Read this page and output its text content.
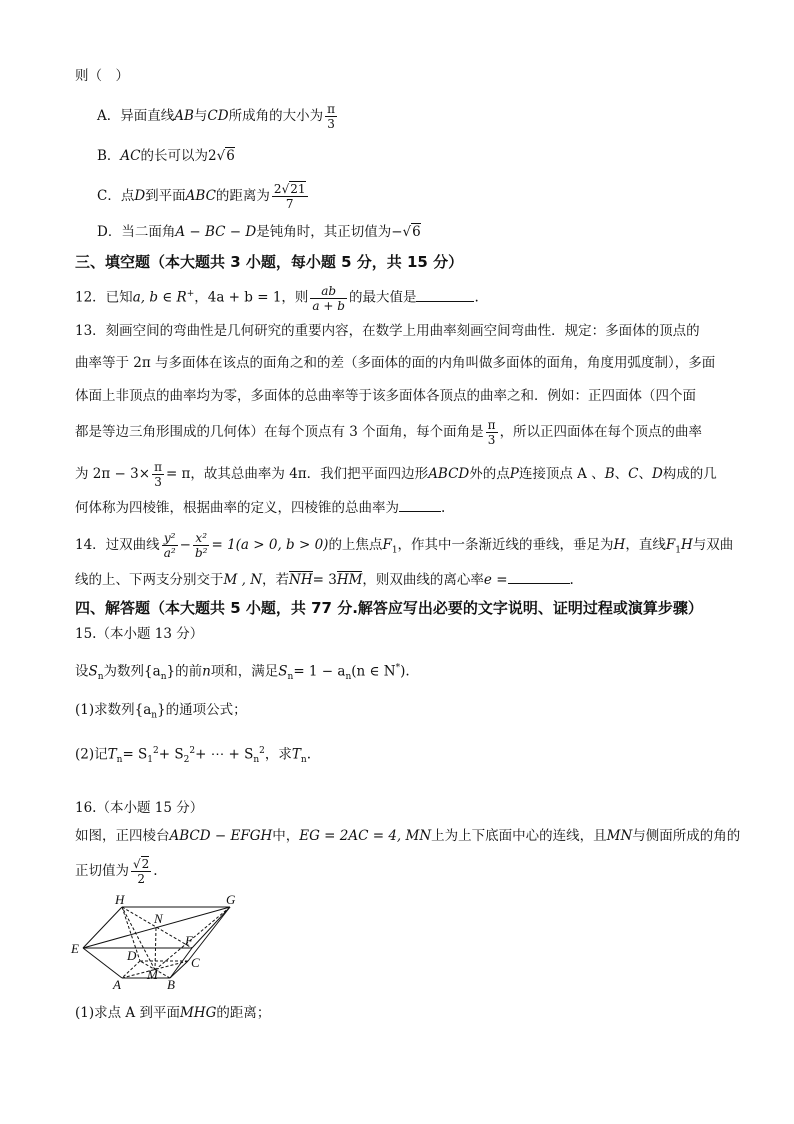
则（　）
A．异面直线AB与CD所成角的大小为 $\frac{\pi}{3}$
B．AC的长可以为2√6
C．点D到平面ABC的距离为 $\frac{2√21}{7}$
D．当二面角A − BC − D是钝角时，其正切值为−√6
三、填空题（本大题共 3 小题，每小题 5 分，共 15 分）
12．已知a, b ∈ R+，4a + b = 1，则 $\frac{ab}{a + b}$ 的最大值是	.
13．刻画空间的弯曲性是几何研究的重要内容，在数学上用曲率刻画空间弯曲性．规定：多面体的顶点的
曲率等于 2π 与多面体在该点的面角之和的差（多面体的面的内角叫做多面体的面角，角度用弧度制），多面
体面上非顶点的曲率均为零，多面体的总曲率等于该多面体各顶点的曲率之和．例如：正四面体（四个面
都是等边三角形围成的几何体）在每个顶点有 3 个面角，每个面角是 $\frac{\pi}{3}$ ，所以正四面体在每个顶点的曲率
为 $2\pi - 3\times \frac{\pi}{3} = \pi$，故其总曲率为 4π．我们把平面四边形ABCD外的点P连接顶点 A 、B、C、D构成的几
何体称为四棱锥，根据曲率的定义，四棱锥的总曲率为	.
14．过双曲线 $\frac{\text{y²}}{\text{a²}} - \frac{\text{x²}}{\text{b²}} = 1(a > 0$, b > 0)的上焦点$F_1$，作其中一条渐近线的垂线，垂足为H，直线$F_1H$与双曲
线的上、下两支分别交于M , N，若NH= 3HM，则双曲线的离心率e =	.
四、解答题（本大题共 5 小题，共 77 分.解答应写出必要的文字说明、证明过程或演算步骤）
15.（本小题 13 分）
设$S_n$为数列$\{a_n\}$的前n项和，满足$S_n= 1 - a_n(n$ ∈ N*).
(1)求数列$\{a_n\}$的通项公式；
(2)记$T_n= S_1^2+ S_2^2+$ ⋯ + $S_n^2$，求$T_n$.
16.（本小题 15 分）
如图，正四棱台ABCD − EFGH中，EG = 2AC = 4, MN上为上下底面中心的连线，且MN与侧面所成的角的
正切值为 $\frac{√2}{2}$ .
H	G
N
E
F
D	C
M
A	B
(1)求点 A 到平面MHG的距离；
